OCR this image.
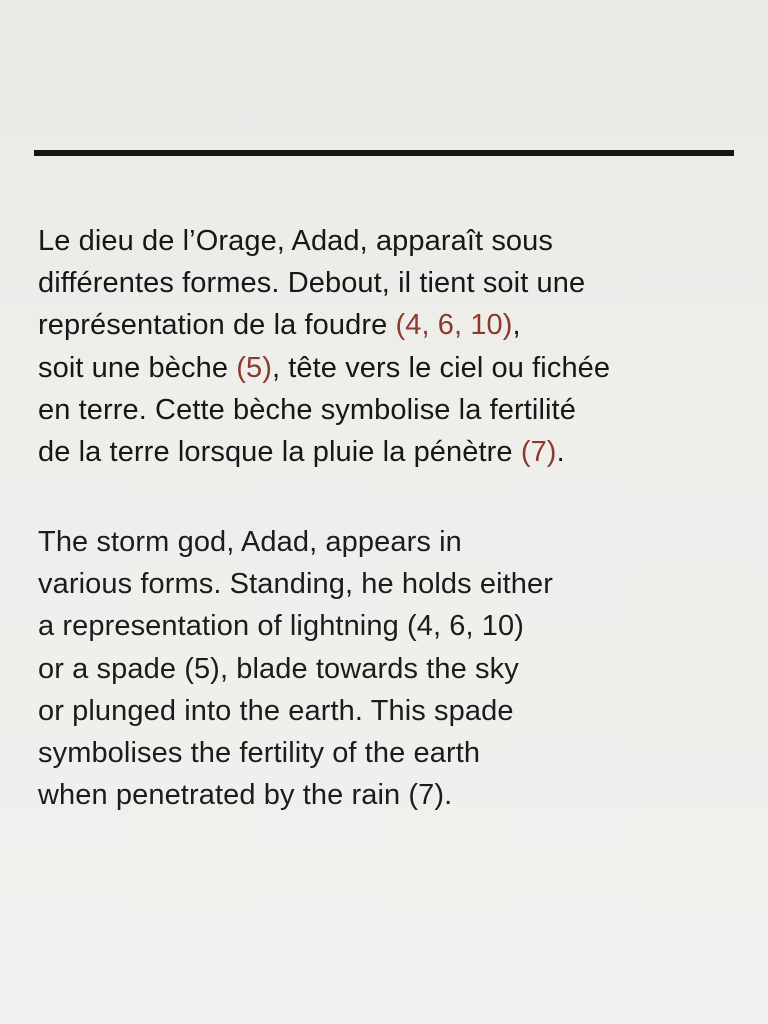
Le dieu de l’Orage, Adad, apparaît sous
différentes formes. Debout, il tient soit une
représentation de la foudre (4, 6, 10),
soit une bèche (5), tête vers le ciel ou fichée
en terre. Cette bèche symbolise la fertilité
de la terre lorsque la pluie la pénètre (7).

The storm god, Adad, appears in
various forms. Standing, he holds either
a representation of lightning (4, 6, 10)
or a spade (5), blade towards the sky
or plunged into the earth. This spade
symbolises the fertility of the earth
when penetrated by the rain (7).
